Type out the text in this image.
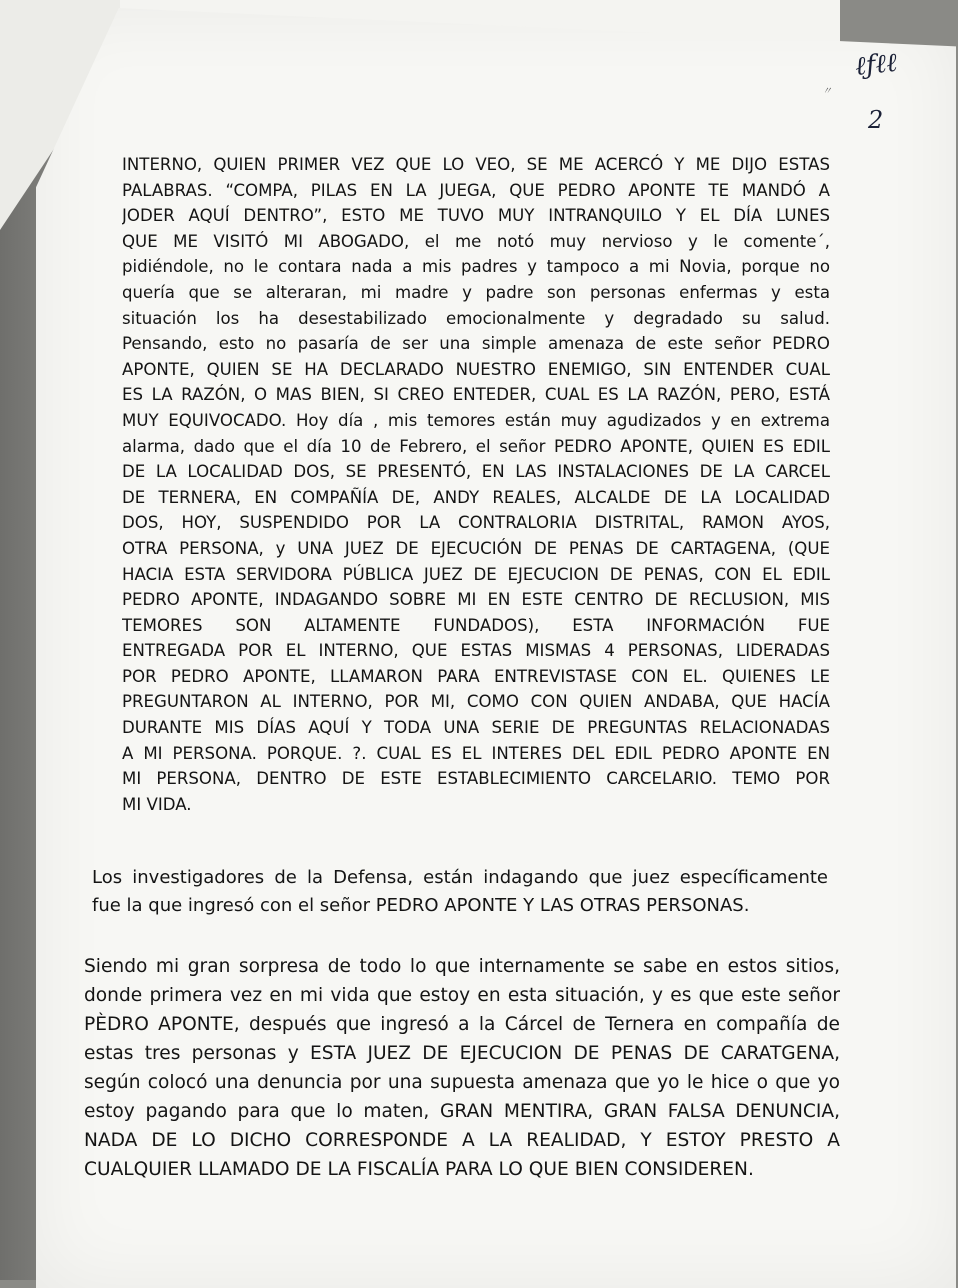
ℓƒℓℓ
〃
2
INTERNO, QUIEN PRIMER VEZ QUE LO VEO, SE ME ACERCÓ Y ME DIJO ESTAS
PALABRAS. “COMPA, PILAS EN LA JUEGA, QUE PEDRO APONTE TE MANDÓ A
JODER AQUÍ DENTRO”, ESTO ME TUVO MUY INTRANQUILO Y EL DÍA LUNES
QUE ME VISITÓ MI ABOGADO, el me notó muy nervioso y le comente´,
pidiéndole, no le contara nada a mis padres y tampoco a mi Novia, porque no
quería que se alteraran, mi madre y padre son personas enfermas y esta
situación los ha desestabilizado emocionalmente y degradado su salud.
Pensando, esto no pasaría de ser una simple amenaza de este señor PEDRO
APONTE, QUIEN SE HA DECLARADO NUESTRO ENEMIGO, SIN ENTENDER CUAL
ES LA RAZÓN, O MAS BIEN, SI CREO ENTEDER, CUAL ES LA RAZÓN, PERO, ESTÁ
MUY EQUIVOCADO. Hoy día , mis temores están muy agudizados y en extrema
alarma, dado que el día 10 de Febrero, el señor PEDRO APONTE, QUIEN ES EDIL
DE LA LOCALIDAD DOS, SE PRESENTÓ, EN LAS INSTALACIONES DE LA CARCEL
DE TERNERA, EN COMPAÑÍA DE, ANDY REALES, ALCALDE DE LA LOCALIDAD
DOS, HOY, SUSPENDIDO POR LA CONTRALORIA DISTRITAL, RAMON AYOS,
OTRA PERSONA, y UNA JUEZ DE EJECUCIÓN DE PENAS DE CARTAGENA, (QUE
HACIA ESTA SERVIDORA PÚBLICA JUEZ DE EJECUCION DE PENAS, CON EL EDIL
PEDRO APONTE, INDAGANDO SOBRE MI EN ESTE CENTRO DE RECLUSION, MIS
TEMORES SON ALTAMENTE FUNDADOS), ESTA INFORMACIÓN FUE
ENTREGADA POR EL INTERNO, QUE ESTAS MISMAS 4 PERSONAS, LIDERADAS
POR PEDRO APONTE, LLAMARON PARA ENTREVISTASE CON EL. QUIENES LE
PREGUNTARON AL INTERNO, POR MI, COMO CON QUIEN ANDABA, QUE HACÍA
DURANTE MIS DÍAS AQUÍ Y TODA UNA SERIE DE PREGUNTAS RELACIONADAS
A MI PERSONA. PORQUE. ?. CUAL ES EL INTERES DEL EDIL PEDRO APONTE EN
MI PERSONA, DENTRO DE ESTE ESTABLECIMIENTO CARCELARIO. TEMO POR
MI VIDA.
Los investigadores de la Defensa, están indagando que juez específicamente
fue la que ingresó con el señor PEDRO APONTE Y LAS OTRAS PERSONAS.
Siendo mi gran sorpresa de todo lo que internamente se sabe en estos sitios,
donde primera vez en mi vida que estoy en esta situación, y es que este señor
PÈDRO APONTE, después que ingresó a la Cárcel de Ternera en compañía de
estas tres personas y ESTA JUEZ DE EJECUCION DE PENAS DE CARATGENA,
según colocó una denuncia por una supuesta amenaza que yo le hice o que yo
estoy pagando para que lo maten, GRAN MENTIRA, GRAN FALSA DENUNCIA,
NADA DE LO DICHO CORRESPONDE A LA REALIDAD, Y ESTOY PRESTO A
CUALQUIER LLAMADO DE LA FISCALÍA PARA LO QUE BIEN CONSIDEREN.
